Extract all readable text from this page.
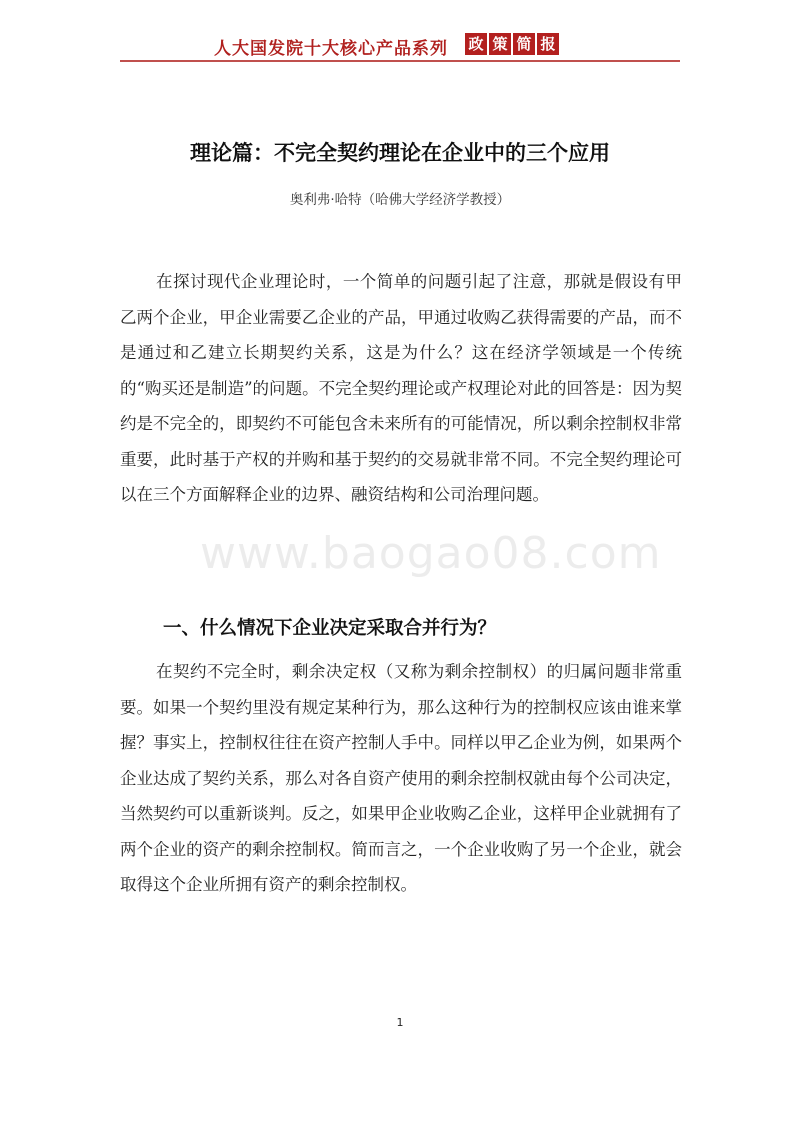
人大国发院十大核心产品系列 政 策 简 报
理论篇：不完全契约理论在企业中的三个应用
奥利弗·哈特（哈佛大学经济学教授）

在探讨现代企业理论时，一个简单的问题引起了注意，那就是假设有甲乙两个企业，甲企业需要乙企业的产品，甲通过收购乙获得需要的产品，而不是通过和乙建立长期契约关系，这是为什么？这在经济学领域是一个传统的“购买还是制造”的问题。不完全契约理论或产权理论对此的回答是：因为契约是不完全的，即契约不可能包含未来所有的可能情况，所以剩余控制权非常重要，此时基于产权的并购和基于契约的交易就非常不同。不完全契约理论可以在三个方面解释企业的边界、融资结构和公司治理问题。

www.baogao08.com
一、什么情况下企业决定采取合并行为？

在契约不完全时，剩余决定权（又称为剩余控制权）的归属问题非常重要。如果一个契约里没有规定某种行为，那么这种行为的控制权应该由谁来掌握？事实上，控制权往往在资产控制人手中。同样以甲乙企业为例，如果两个企业达成了契约关系，那么对各自资产使用的剩余控制权就由每个公司决定，当然契约可以重新谈判。反之，如果甲企业收购乙企业，这样甲企业就拥有了两个企业的资产的剩余控制权。简而言之，一个企业收购了另一个企业，就会取得这个企业所拥有资产的剩余控制权。

1
